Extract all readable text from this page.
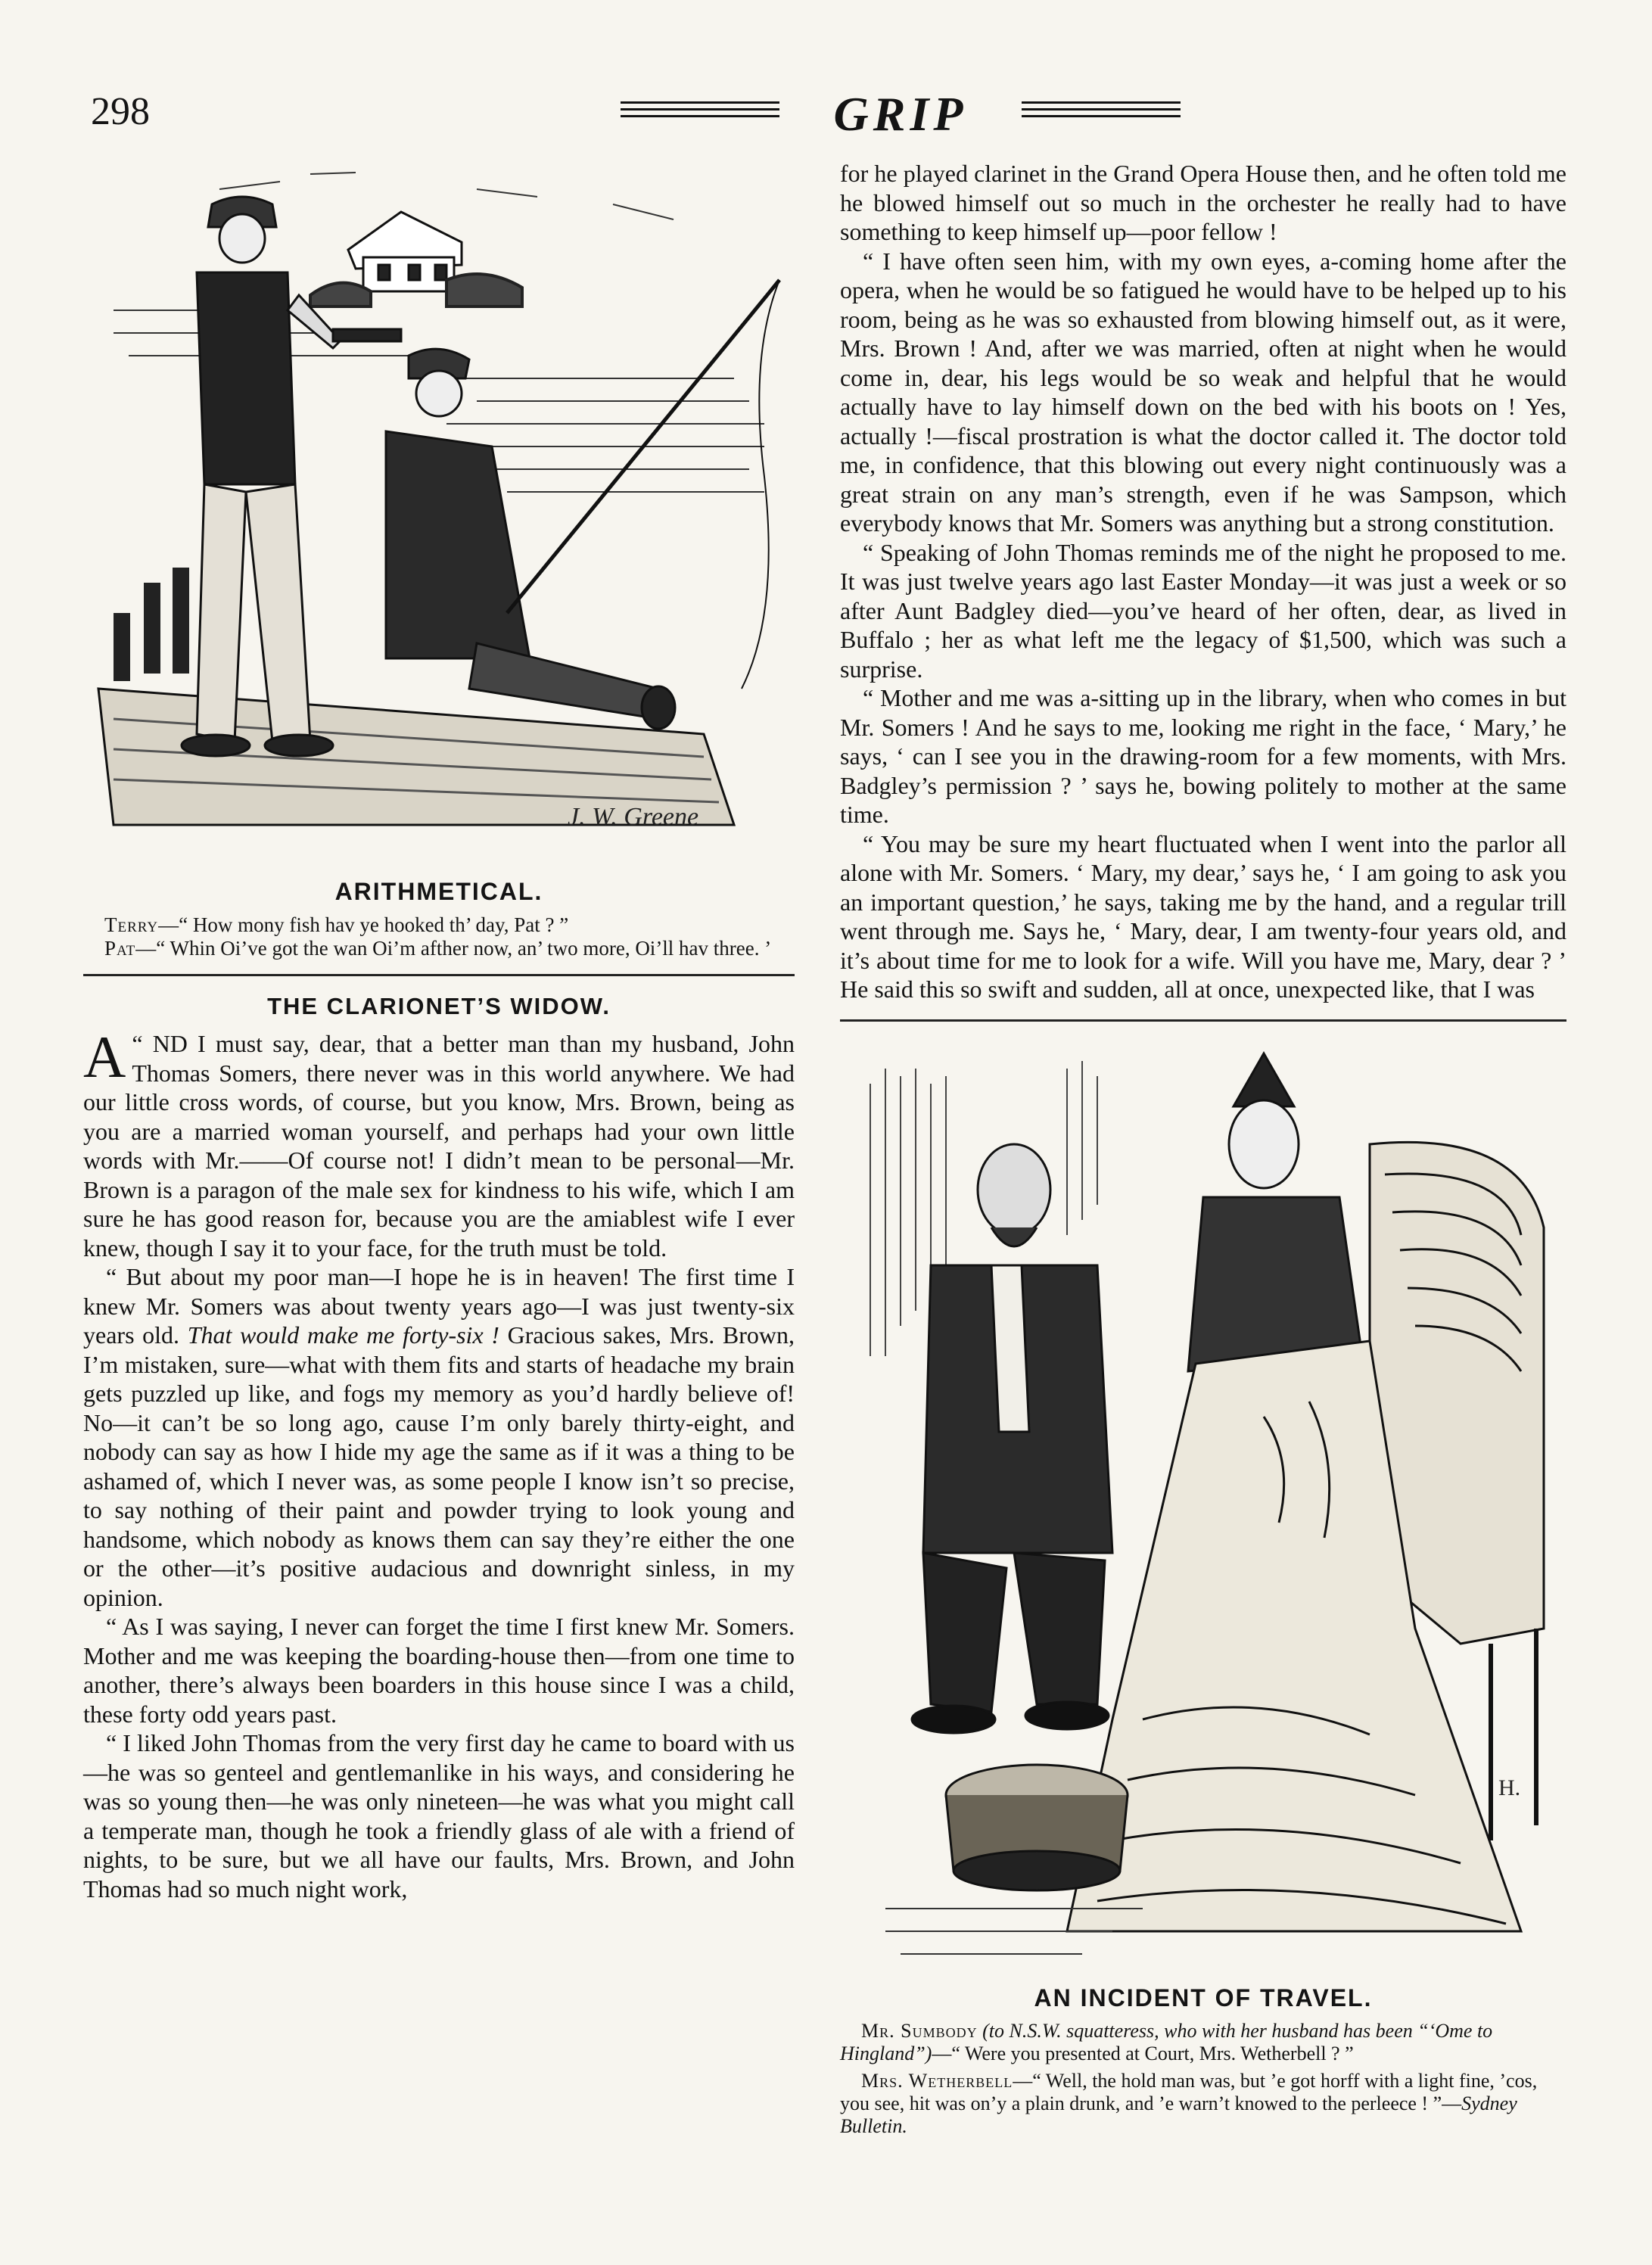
298	GRIP
J. W. Greene
ARITHMETICAL.

Terry—“ How mony fish hav ye hooked th’ day, Pat ? ”

Pat—“ Whin Oi’ve got the wan Oi’m afther now, an’ two more, Oi’ll hav three. ’

THE CLARIONET’S WIDOW.

“
A ND I must say, dear, that a better man than my husband, John Thomas Somers, there never was in this world anywhere. We had our little cross words, of course, but you know, Mrs. Brown, being as you are a married woman yourself, and perhaps had your own little words with Mr.——Of course not! I didn’t mean to be personal—Mr. Brown is a paragon of the male sex for kindness to his wife, which I am sure he has good reason for, because you are the amiablest wife I ever knew, though I say it to your face, for the truth must be told.

“ But about my poor man—I hope he is in heaven! The first time I knew Mr. Somers was about twenty years ago—I was just twenty-six years old. That would make me forty-six ! Gracious sakes, Mrs. Brown, I’m mistaken, sure—what with them fits and starts of headache my brain gets puzzled up like, and fogs my memory as you’d hardly believe of! No—it can’t be so long ago, cause I’m only barely thirty-eight, and nobody can say as how I hide my age the same as if it was a thing to be ashamed of, which I never was, as some people I know isn’t so precise, to say nothing of their paint and powder trying to look young and handsome, which nobody as knows them can say they’re either the one or the other—it’s positive audacious and downright sinless, in my opinion.

“ As I was saying, I never can forget the time I first knew Mr. Somers. Mother and me was keeping the boarding-house then—from one time to another, there’s always been boarders in this house since I was a child, these forty odd years past.

“ I liked John Thomas from the very first day he came to board with us—he was so genteel and gentlemanlike in his ways, and considering he was so young then—he was only nineteen—he was what you might call a temperate man, though he took a friendly glass of ale with a friend of nights, to be sure, but we all have our faults, Mrs. Brown, and John Thomas had so much night work,

for he played clarinet in the Grand Opera House then, and he often told me he blowed himself out so much in the orchester he really had to have something to keep himself up—poor fellow !

“ I have often seen him, with my own eyes, a-coming home after the opera, when he would be so fatigued he would have to be helped up to his room, being as he was so exhausted from blowing himself out, as it were, Mrs. Brown ! And, after we was married, often at night when he would come in, dear, his legs would be so weak and helpful that he would actually have to lay himself down on the bed with his boots on ! Yes, actually !—fiscal prostration is what the doctor called it. The doctor told me, in confidence, that this blowing out every night continuously was a great strain on any man’s strength, even if he was Sampson, which everybody knows that Mr. Somers was anything but a strong constitution.

“ Speaking of John Thomas reminds me of the night he proposed to me. It was just twelve years ago last Easter Monday—it was just a week or so after Aunt Badgley died—you’ve heard of her often, dear, as lived in Buffalo ; her as what left me the legacy of $1,500, which was such a surprise.

“ Mother and me was a-sitting up in the library, when who comes in but Mr. Somers ! And he says to me, looking me right in the face, ‘ Mary,’ he says, ‘ can I see you in the drawing-room for a few moments, with Mrs. Badgley’s permission ? ’ says he, bowing politely to mother at the same time.

“ You may be sure my heart fluctuated when I went into the parlor all alone with Mr. Somers. ‘ Mary, my dear,’ says he, ‘ I am going to ask you an important question,’ he says, taking me by the hand, and a regular trill went through me. Says he, ‘ Mary, dear, I am twenty-four years old, and it’s about time for me to look for a wife. Will you have me, Mary, dear ? ’ He said this so swift and sudden, all at once, unexpected like, that I was

H.
AN INCIDENT OF TRAVEL.

Mr. Sumbody (to N.S.W. squatteress, who with her husband has been “‘Ome to Hingland”)—“ Were you presented at Court, Mrs. Wetherbell ? ”

Mrs. Wetherbell—“ Well, the hold man was, but ’e got horff with a light fine, ’cos, you see, hit was on’y a plain drunk, and ’e warn’t knowed to the perleece ! ”—Sydney Bulletin.
